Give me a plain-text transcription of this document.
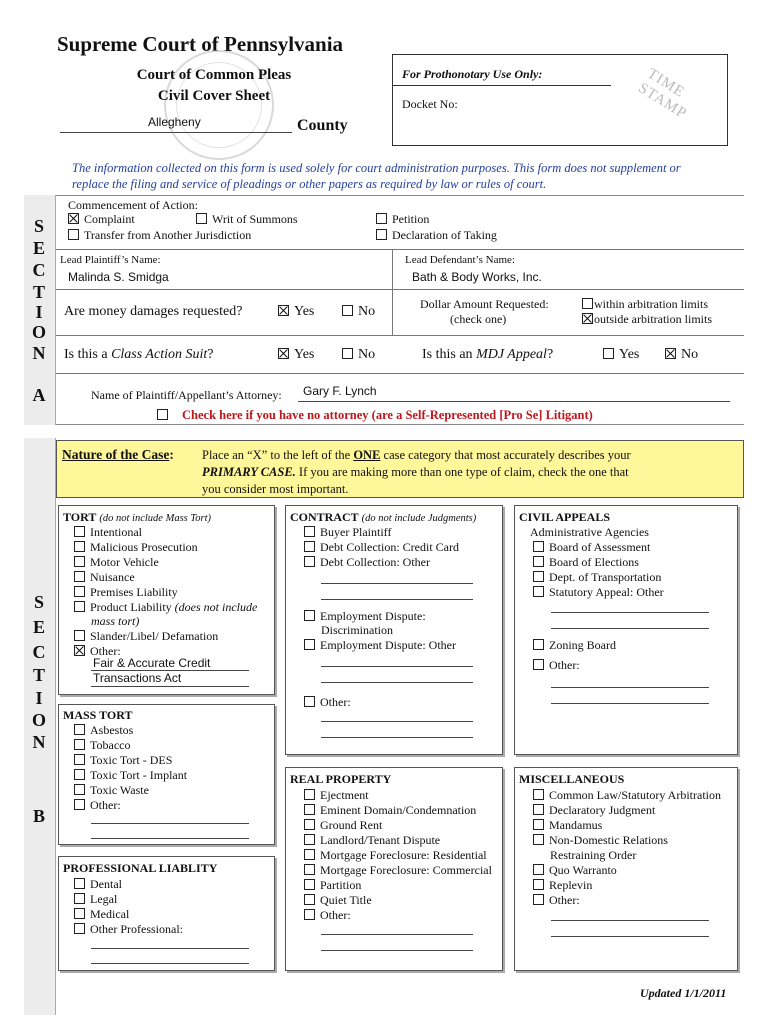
Supreme Court of Pennsylvania
Court of Common Pleas
Civil Cover Sheet
Allegheny	County
For Prothonotary Use Only:
Docket No:
TIME STAMP
The information collected on this form is used solely for court administration purposes. This form does not supplement or replace the filing and service of pleadings or other papers as required by law or rules of court.
S
E
C
T
I
O
N
A
Commencement of Action:
Complaint	Writ of Summons	Petition
Transfer from Another Jurisdiction	Declaration of Taking
Lead Plaintiff’s Name:
Malinda S. Smidga
Lead Defendant’s Name:
Bath & Body Works, Inc.
Are money damages requested?	Yes	No	Dollar Amount Requested:
(check one)
within arbitration limits
outside arbitration limits
Is this a Class Action Suit?	Yes	No	Is this an MDJ Appeal?	Yes	No
Name of Plaintiff/Appellant’s Attorney: Gary F. Lynch
Check here if you have no attorney (are a Self-Represented [Pro Se] Litigant)
Nature of the Case: Place an “X” to the left of the ONE case category that most accurately describes your
PRIMARY CASE. If you are making more than one type of claim, check the one that
you consider most important.
S
E
C
T
I
O
N
B
TORT (do not include Mass Tort)
Intentional
Malicious Prosecution
Motor Vehicle
Nuisance
Premises Liability
Product Liability (does not include
mass tort)
Slander/Libel/ Defamation
Other:
Fair & Accurate Credit
Transactions Act
MASS TORT
Asbestos
Tobacco
Toxic Tort - DES
Toxic Tort - Implant
Toxic Waste
Other:
PROFESSIONAL LIABLITY
Dental
Legal
Medical
Other Professional:
CONTRACT (do not include Judgments)
Buyer Plaintiff
Debt Collection: Credit Card
Debt Collection: Other
Employment Dispute:
Discrimination
Employment Dispute: Other
Other:
REAL PROPERTY
Ejectment
Eminent Domain/Condemnation
Ground Rent
Landlord/Tenant Dispute
Mortgage Foreclosure: Residential
Mortgage Foreclosure: Commercial
Partition
Quiet Title
Other:
CIVIL APPEALS
Administrative Agencies
Board of Assessment
Board of Elections
Dept. of Transportation
Statutory Appeal: Other
Zoning Board
Other:
MISCELLANEOUS
Common Law/Statutory Arbitration
Declaratory Judgment
Mandamus
Non-Domestic Relations
Restraining Order
Quo Warranto
Replevin
Other:
Updated 1/1/2011
